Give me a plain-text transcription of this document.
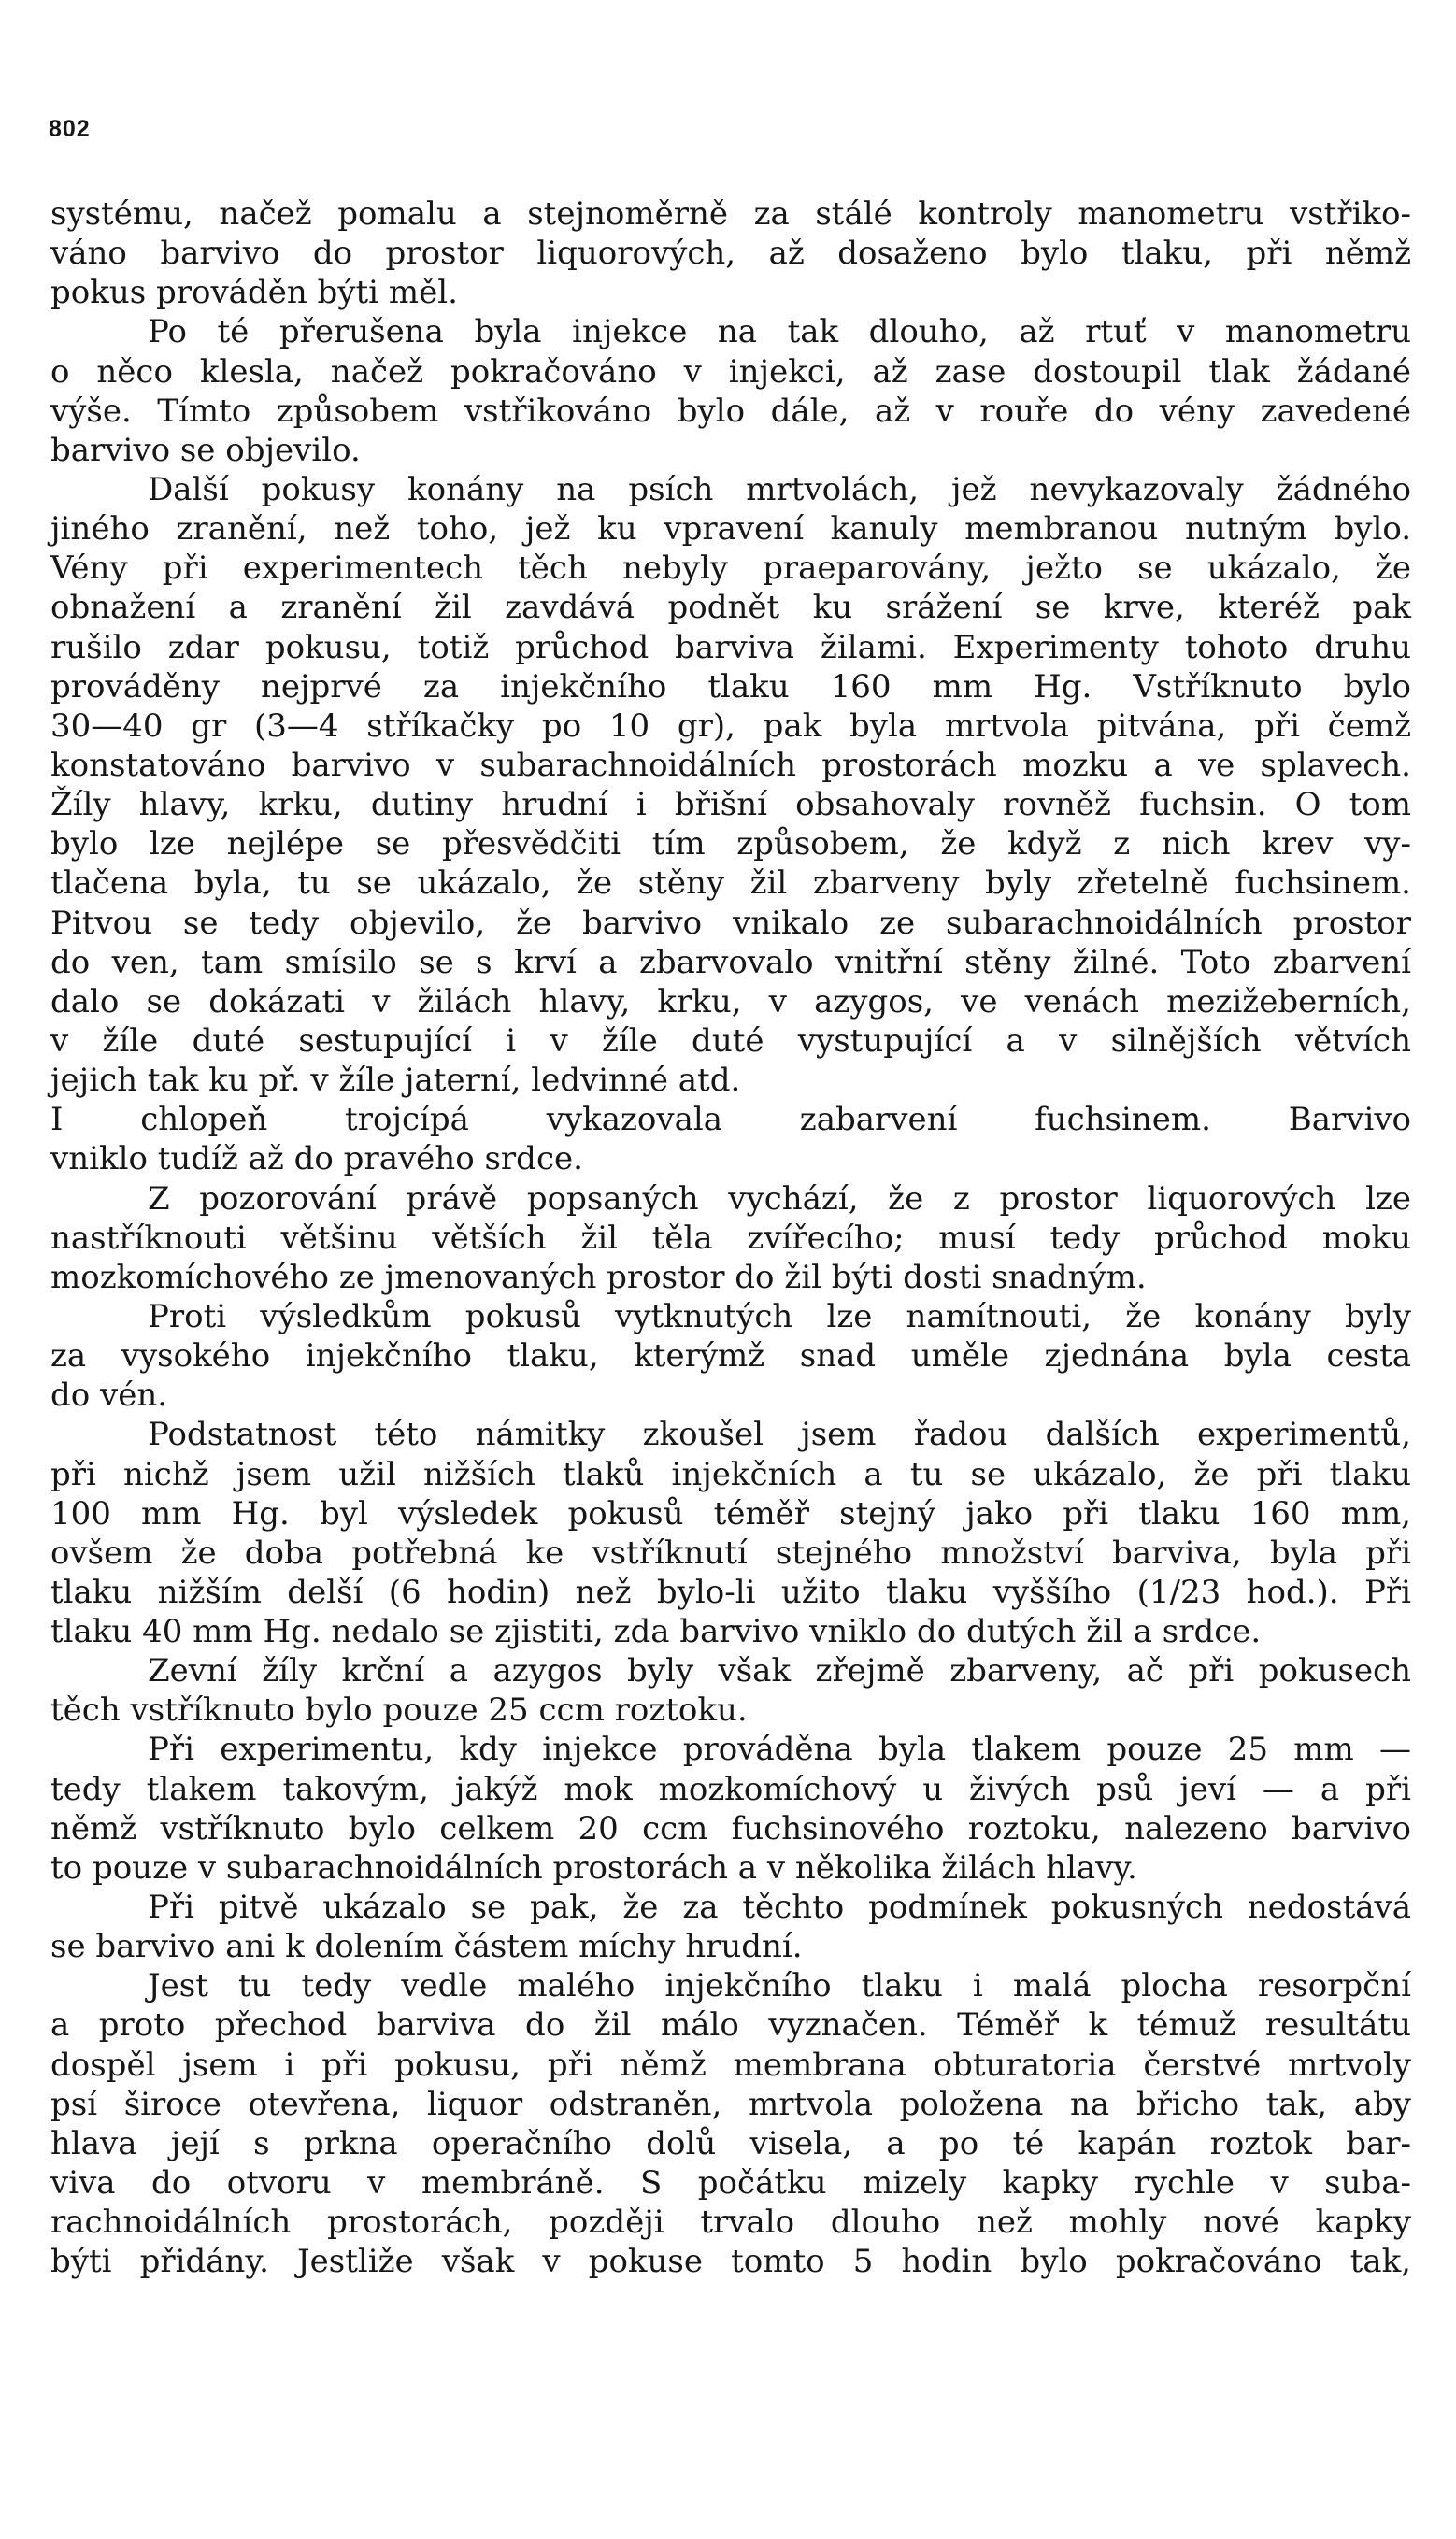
802
systému, načež pomalu a stejnoměrně za stálé kontroly manometru vstřiko-
váno barvivo do prostor liquorových, až dosaženo bylo tlaku, při němž
pokus prováděn býti měl.
Po té přerušena byla injekce na tak dlouho, až rtuť v manometru
o něco klesla, načež pokračováno v injekci, až zase dostoupil tlak žádané
výše. Tímto způsobem vstřikováno bylo dále, až v rouře do vény zavedené
barvivo se objevilo.
Další pokusy konány na psích mrtvolách, jež nevykazovaly žádného
jiného zranění, než toho, jež ku vpravení kanuly membranou nutným bylo.
Vény při experimentech těch nebyly praeparovány, ježto se ukázalo, že
obnažení a zranění žil zavdává podnět ku srážení se krve, kteréž pak
rušilo zdar pokusu, totiž průchod barviva žilami. Experimenty tohoto druhu
prováděny nejprvé za injekčního tlaku 160 mm Hg. Vstříknuto bylo
30—40 gr (3—4 stříkačky po 10 gr), pak byla mrtvola pitvána, při čemž
konstatováno barvivo v subarachnoidálních prostorách mozku a ve splavech.
Žíly hlavy, krku, dutiny hrudní i břišní obsahovaly rovněž fuchsin. O tom
bylo lze nejlépe se přesvědčiti tím způsobem, že když z nich krev vy-
tlačena byla, tu se ukázalo, že stěny žil zbarveny byly zřetelně fuchsinem.
Pitvou se tedy objevilo, že barvivo vnikalo ze subarachnoidálních prostor
do ven, tam smísilo se s krví a zbarvovalo vnitřní stěny žilné. Toto zbarvení
dalo se dokázati v žilách hlavy, krku, v azygos, ve venách mezižeberních,
v žíle duté sestupující i v žíle duté vystupující a v silnějších větvích
jejich tak ku př. v žíle jaterní, ledvinné atd.
I chlopeň trojcípá vykazovala zabarvení fuchsinem. Barvivo
vniklo tudíž až do pravého srdce.
Z pozorování právě popsaných vychází, že z prostor liquorových lze
nastříknouti většinu větších žil těla zvířecího; musí tedy průchod moku
mozkomíchového ze jmenovaných prostor do žil býti dosti snadným.
Proti výsledkům pokusů vytknutých lze namítnouti, že konány byly
za vysokého injekčního tlaku, kterýmž snad uměle zjednána byla cesta
do vén.
Podstatnost této námitky zkoušel jsem řadou dalších experimentů,
při nichž jsem užil nižších tlaků injekčních a tu se ukázalo, že při tlaku
100 mm Hg. byl výsledek pokusů téměř stejný jako při tlaku 160 mm,
ovšem že doba potřebná ke vstříknutí stejného množství barviva, byla při
tlaku nižším delší (6 hodin) než bylo-li užito tlaku vyššího (1/23 hod.). Při
tlaku 40 mm Hg. nedalo se zjistiti, zda barvivo vniklo do dutých žil a srdce.
Zevní žíly krční a azygos byly však zřejmě zbarveny, ač při pokusech
těch vstříknuto bylo pouze 25 ccm roztoku.
Při experimentu, kdy injekce prováděna byla tlakem pouze 25 mm —
tedy tlakem takovým, jakýž mok mozkomíchový u živých psů jeví — a při
němž vstříknuto bylo celkem 20 ccm fuchsinového roztoku, nalezeno barvivo
to pouze v subarachnoidálních prostorách a v několika žilách hlavy.
Při pitvě ukázalo se pak, že za těchto podmínek pokusných nedostává
se barvivo ani k dolením částem míchy hrudní.
Jest tu tedy vedle malého injekčního tlaku i malá plocha resorpční
a proto přechod barviva do žil málo vyznačen. Téměř k témuž resultátu
dospěl jsem i při pokusu, při němž membrana obturatoria čerstvé mrtvoly
psí široce otevřena, liquor odstraněn, mrtvola položena na břicho tak, aby
hlava její s prkna operačního dolů visela, a po té kapán roztok bar-
viva do otvoru v membráně. S počátku mizely kapky rychle v suba-
rachnoidálních prostorách, později trvalo dlouho než mohly nové kapky
býti přidány. Jestliže však v pokuse tomto 5 hodin bylo pokračováno tak,
